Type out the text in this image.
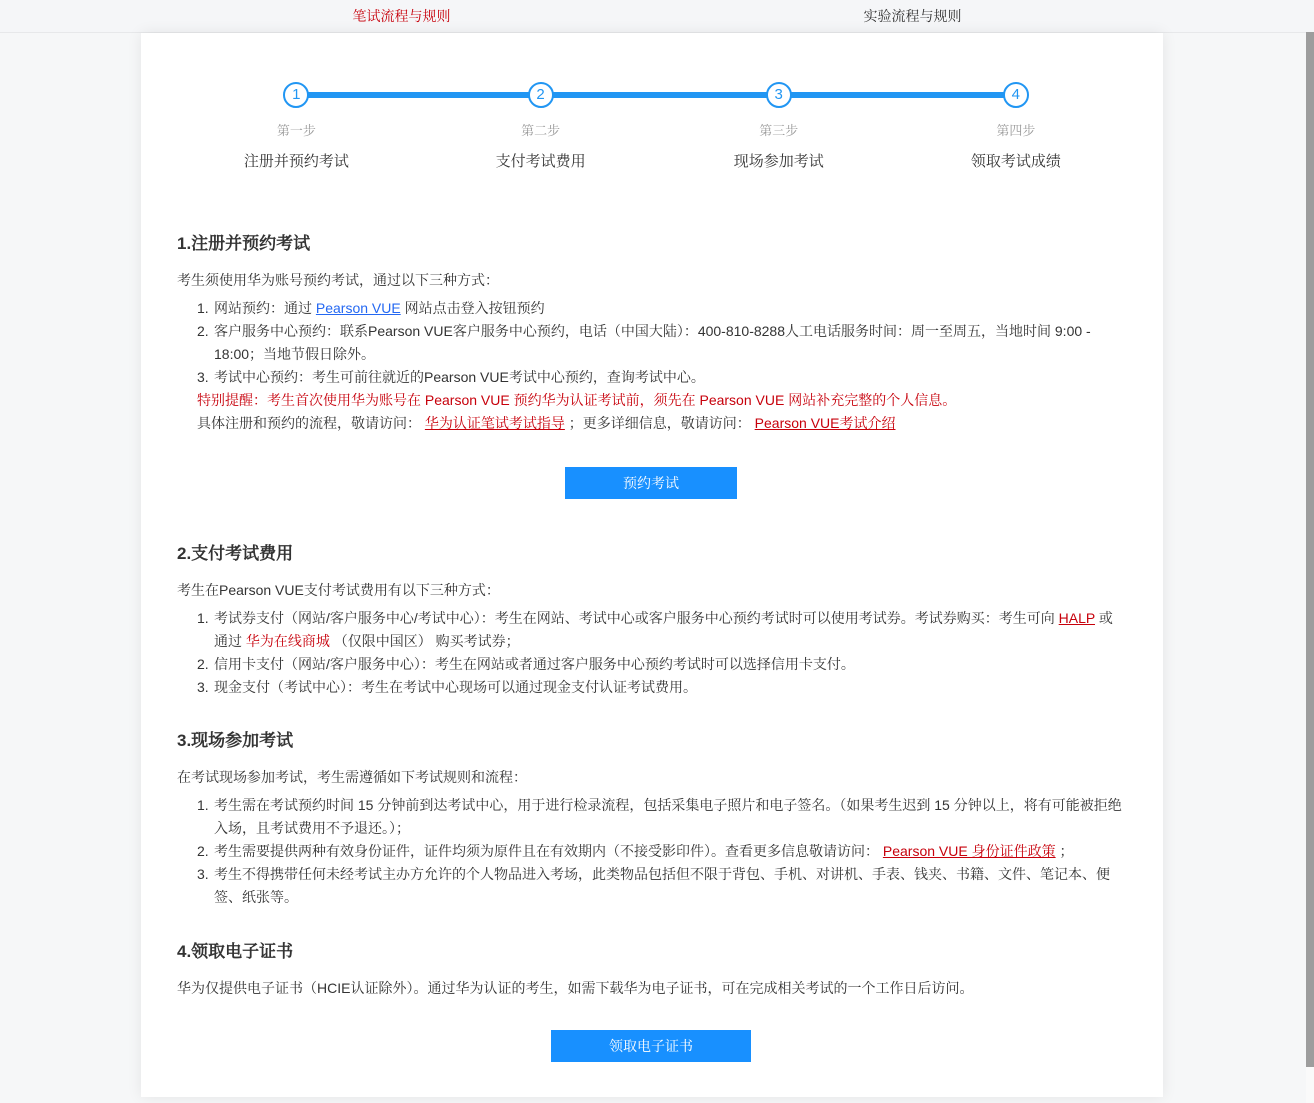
笔试流程与规则	实验流程与规则
1
第一步
注册并预约考试
2
第二步
支付考试费用
3
第三步
现场参加考试
4
第四步
领取考试成绩
1.注册并预约考试

考生须使用华为账号预约考试，通过以下三种方式：

1. 网站预约：通过 Pearson VUE 网站点击登入按钮预约
2. 客户服务中心预约：联系Pearson VUE客户服务中心预约，电话（中国大陆）：400-810-8288人工电话服务时间：周一至周五，当地时间 9:00 - 18:00；当地节假日除外。
3. 考试中心预约：考生可前往就近的Pearson VUE考试中心预约，查询考试中心。

特别提醒：考生首次使用华为账号在 Pearson VUE 预约华为认证考试前，须先在 Pearson VUE 网站补充完整的个人信息。

具体注册和预约的流程，敬请访问： 华为认证笔试考试指导 ；更多详细信息，敬请访问： Pearson VUE考试介绍

预约考试
2.支付考试费用

考生在Pearson VUE支付考试费用有以下三种方式：

1. 考试券支付（网站/客户服务中心/考试中心）：考生在网站、考试中心或客户服务中心预约考试时可以使用考试券。考试券购买：考生可向 HALP 或通过 华为在线商城 （仅限中国区） 购买考试券；
2. 信用卡支付（网站/客户服务中心）：考生在网站或者通过客户服务中心预约考试时可以选择信用卡支付。
3. 现金支付（考试中心）：考生在考试中心现场可以通过现金支付认证考试费用。
3.现场参加考试

在考试现场参加考试，考生需遵循如下考试规则和流程：

1. 考生需在考试预约时间 15 分钟前到达考试中心，用于进行检录流程，包括采集电子照片和电子签名。（如果考生迟到 15 分钟以上，将有可能被拒绝入场，且考试费用不予退还。）；
2. 考生需要提供两种有效身份证件，证件均须为原件且在有效期内（不接受影印件）。查看更多信息敬请访问： Pearson VUE 身份证件政策 ；
3. 考生不得携带任何未经考试主办方允许的个人物品进入考场，此类物品包括但不限于背包、手机、对讲机、手表、钱夹、书籍、文件、笔记本、便签、纸张等。
4.领取电子证书

华为仅提供电子证书（HCIE认证除外）。通过华为认证的考生，如需下载华为电子证书，可在完成相关考试的一个工作日后访问。

领取电子证书
